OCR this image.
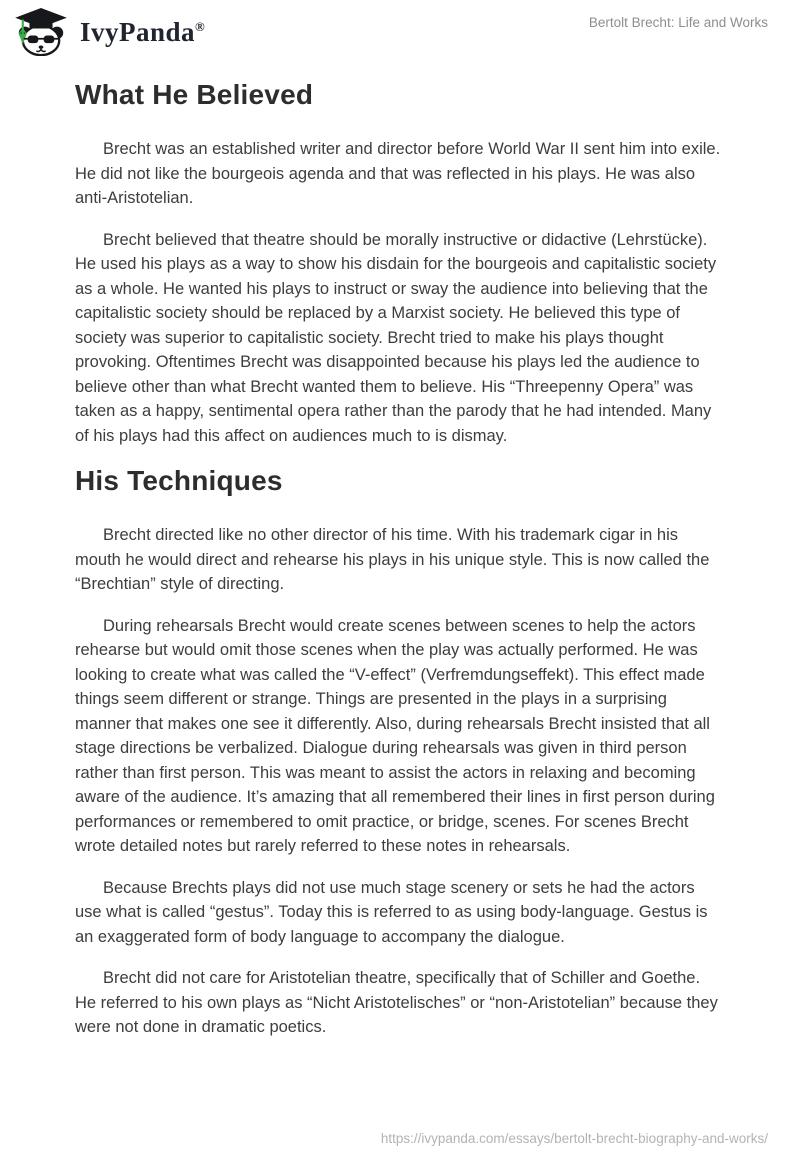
IvyPanda®	Bertolt Brecht: Life and Works
What He Believed

Brecht was an established writer and director before World War II sent him into exile. He did not like the bourgeois agenda and that was reflected in his plays. He was also anti-Aristotelian.

Brecht believed that theatre should be morally instructive or didactive (Lehrstücke). He used his plays as a way to show his disdain for the bourgeois and capitalistic society as a whole. He wanted his plays to instruct or sway the audience into believing that the capitalistic society should be replaced by a Marxist society. He believed this type of society was superior to capitalistic society. Brecht tried to make his plays thought provoking. Oftentimes Brecht was disappointed because his plays led the audience to believe other than what Brecht wanted them to believe. His “Threepenny Opera” was taken as a happy, sentimental opera rather than the parody that he had intended. Many of his plays had this affect on audiences much to is dismay.

His Techniques

Brecht directed like no other director of his time. With his trademark cigar in his mouth he would direct and rehearse his plays in his unique style. This is now called the “Brechtian” style of directing.

During rehearsals Brecht would create scenes between scenes to help the actors rehearse but would omit those scenes when the play was actually performed. He was looking to create what was called the “V-effect” (Verfremdungseffekt). This effect made things seem different or strange. Things are presented in the plays in a surprising manner that makes one see it differently. Also, during rehearsals Brecht insisted that all stage directions be verbalized. Dialogue during rehearsals was given in third person rather than first person. This was meant to assist the actors in relaxing and becoming aware of the audience. It’s amazing that all remembered their lines in first person during performances or remembered to omit practice, or bridge, scenes. For scenes Brecht wrote detailed notes but rarely referred to these notes in rehearsals.

Because Brechts plays did not use much stage scenery or sets he had the actors use what is called “gestus”. Today this is referred to as using body-language. Gestus is an exaggerated form of body language to accompany the dialogue.

Brecht did not care for Aristotelian theatre, specifically that of Schiller and Goethe. He referred to his own plays as “Nicht Aristotelisches” or “non-Aristotelian” because they were not done in dramatic poetics.

https://ivypanda.com/essays/bertolt-brecht-biography-and-works/
